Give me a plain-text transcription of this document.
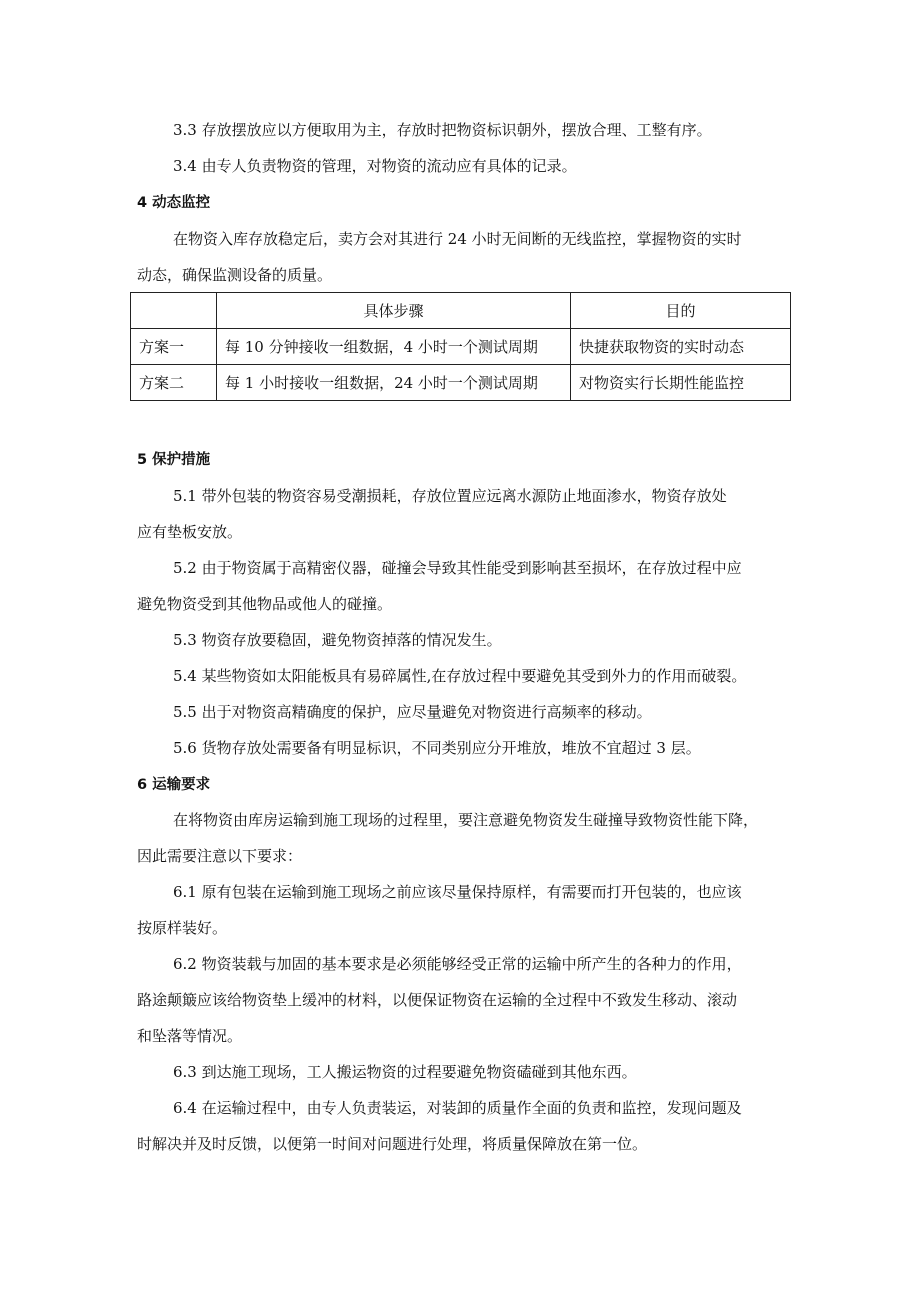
3.3 存放摆放应以方便取用为主，存放时把物资标识朝外，摆放合理、工整有序。
3.4 由专人负责物资的管理，对物资的流动应有具体的记录。
4 动态监控
在物资入库存放稳定后，卖方会对其进行 24 小时无间断的无线监控，掌握物资的实时
动态，确保监测设备的质量。
	具体步骤	目的
方案一	每 10 分钟接收一组数据，4 小时一个测试周期	快捷获取物资的实时动态
方案二	每 1 小时接收一组数据，24 小时一个测试周期	对物资实行长期性能监控
5 保护措施
5.1 带外包装的物资容易受潮损耗，存放位置应远离水源防止地面渗水，物资存放处
应有垫板安放。
5.2 由于物资属于高精密仪器，碰撞会导致其性能受到影响甚至损坏，在存放过程中应
避免物资受到其他物品或他人的碰撞。
5.3 物资存放要稳固，避免物资掉落的情况发生。
5.4 某些物资如太阳能板具有易碎属性,在存放过程中要避免其受到外力的作用而破裂。
5.5 出于对物资高精确度的保护，应尽量避免对物资进行高频率的移动。
5.6 货物存放处需要备有明显标识，不同类别应分开堆放，堆放不宜超过 3 层。
6 运输要求
在将物资由库房运输到施工现场的过程里，要注意避免物资发生碰撞导致物资性能下降，
因此需要注意以下要求：
6.1 原有包装在运输到施工现场之前应该尽量保持原样，有需要而打开包装的，也应该
按原样装好。
6.2 物资装载与加固的基本要求是必须能够经受正常的运输中所产生的各种力的作用，
路途颠簸应该给物资垫上缓冲的材料，以便保证物资在运输的全过程中不致发生移动、滚动
和坠落等情况。
6.3 到达施工现场，工人搬运物资的过程要避免物资磕碰到其他东西。
6.4 在运输过程中，由专人负责装运，对装卸的质量作全面的负责和监控，发现问题及
时解决并及时反馈，以便第一时间对问题进行处理，将质量保障放在第一位。
